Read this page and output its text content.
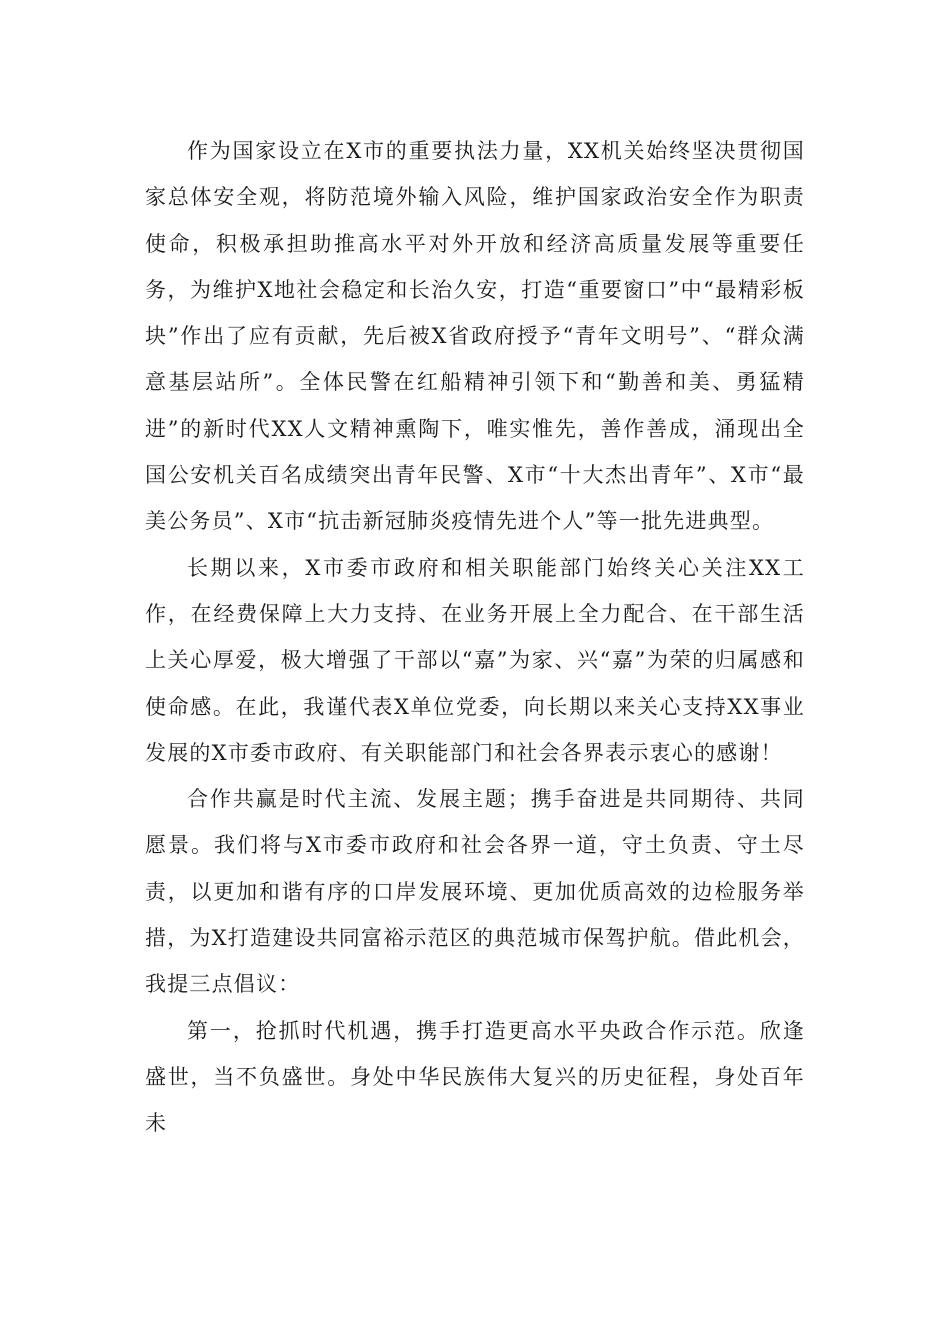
作为国家设立在X市的重要执法力量，XX机关始终坚决贯彻国家总体安全观，将防范境外输入风险，维护国家政治安全作为职责使命，积极承担助推高水平对外开放和经济高质量发展等重要任务，为维护X地社会稳定和长治久安，打造“重要窗口”中“最精彩板块”作出了应有贡献，先后被X省政府授予“青年文明号”、“群众满意基层站所”。全体民警在红船精神引领下和“勤善和美、勇猛精进”的新时代XX人文精神熏陶下，唯实惟先，善作善成，涌现出全国公安机关百名成绩突出青年民警、X市“十大杰出青年”、X市“最美公务员”、X市“抗击新冠肺炎疫情先进个人”等一批先进典型。

长期以来，X市委市政府和相关职能部门始终关心关注XX工作，在经费保障上大力支持、在业务开展上全力配合、在干部生活上关心厚爱，极大增强了干部以“嘉”为家、兴“嘉”为荣的归属感和使命感。在此，我谨代表X单位党委，向长期以来关心支持XX事业发展的X市委市政府、有关职能部门和社会各界表示衷心的感谢！

合作共赢是时代主流、发展主题；携手奋进是共同期待、共同愿景。我们将与X市委市政府和社会各界一道，守土负责、守土尽责，以更加和谐有序的口岸发展环境、更加优质高效的边检服务举措，为X打造建设共同富裕示范区的典范城市保驾护航。借此机会，我提三点倡议：

第一，抢抓时代机遇，携手打造更高水平央政合作示范。欣逢盛世，当不负盛世。身处中华民族伟大复兴的历史征程，身处百年未
